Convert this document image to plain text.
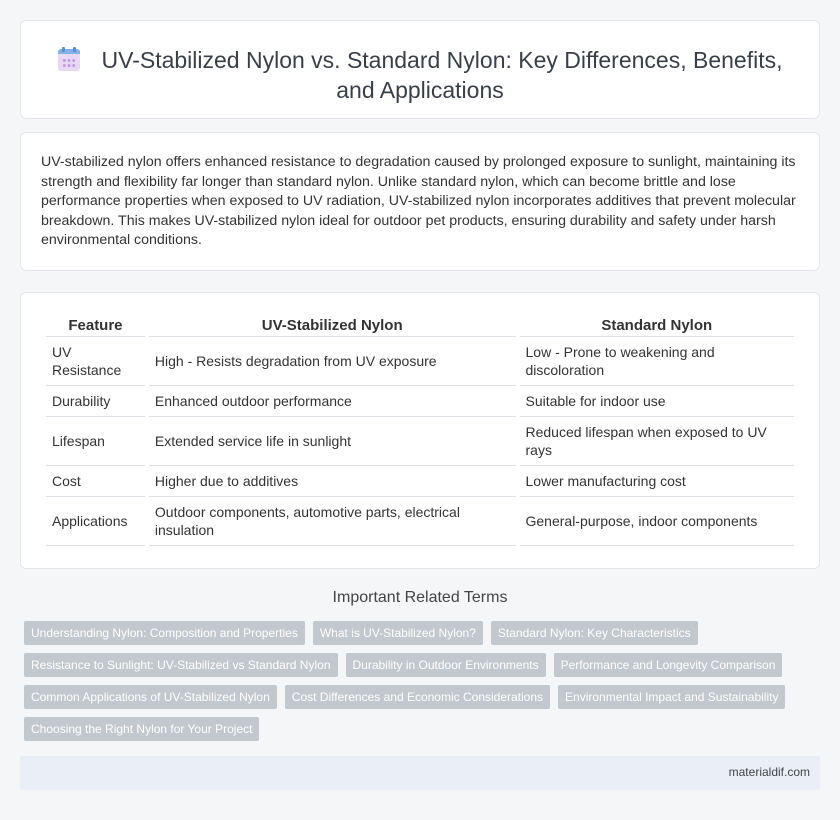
UV-Stabilized Nylon vs. Standard Nylon: Key Differences, Benefits, and Applications

UV-stabilized nylon offers enhanced resistance to degradation caused by prolonged exposure to sunlight, maintaining its strength and flexibility far longer than standard nylon. Unlike standard nylon, which can become brittle and lose performance properties when exposed to UV radiation, UV-stabilized nylon incorporates additives that prevent molecular breakdown. This makes UV-stabilized nylon ideal for outdoor pet products, ensuring durability and safety under harsh environmental conditions.

Feature	UV-Stabilized Nylon	Standard Nylon
UV Resistance	High - Resists degradation from UV exposure	Low - Prone to weakening and discoloration
Durability	Enhanced outdoor performance	Suitable for indoor use
Lifespan	Extended service life in sunlight	Reduced lifespan when exposed to UV rays
Cost	Higher due to additives	Lower manufacturing cost
Applications	Outdoor components, automotive parts, electrical insulation	General-purpose, indoor components
Important Related Terms
Understanding Nylon: Composition and Properties	What is UV-Stabilized Nylon?	Standard Nylon: Key Characteristics
Resistance to Sunlight: UV-Stabilized vs Standard Nylon	Durability in Outdoor Environments	Performance and Longevity Comparison
Common Applications of UV-Stabilized Nylon	Cost Differences and Economic Considerations	Environmental Impact and Sustainability
Choosing the Right Nylon for Your Project
materialdif.com
